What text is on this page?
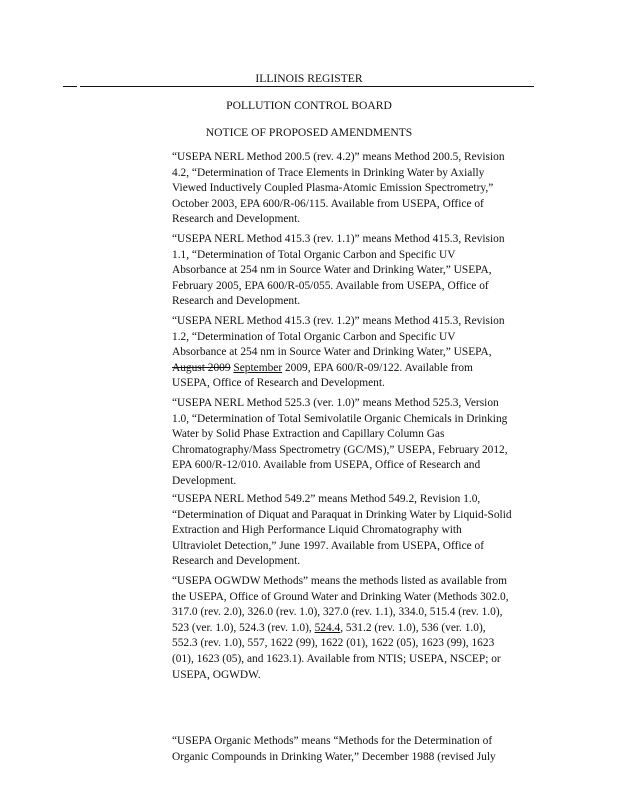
ILLINOIS REGISTER
POLLUTION CONTROL BOARD
NOTICE OF PROPOSED AMENDMENTS

“USEPA NERL Method 200.5 (rev. 4.2)” means Method 200.5, Revision
4.2, “Determination of Trace Elements in Drinking Water by Axially
Viewed Inductively Coupled Plasma-Atomic Emission Spectrometry,”
October 2003, EPA 600/R-06/115. Available from USEPA, Office of
Research and Development.

“USEPA NERL Method 415.3 (rev. 1.1)” means Method 415.3, Revision
1.1, “Determination of Total Organic Carbon and Specific UV
Absorbance at 254 nm in Source Water and Drinking Water,” USEPA,
February 2005, EPA 600/R-05/055. Available from USEPA, Office of
Research and Development.

“USEPA NERL Method 415.3 (rev. 1.2)” means Method 415.3, Revision
1.2, “Determination of Total Organic Carbon and Specific UV
Absorbance at 254 nm in Source Water and Drinking Water,” USEPA,
August 2009 September 2009, EPA 600/R-09/122. Available from
USEPA, Office of Research and Development.

“USEPA NERL Method 525.3 (ver. 1.0)” means Method 525.3, Version
1.0, “Determination of Total Semivolatile Organic Chemicals in Drinking
Water by Solid Phase Extraction and Capillary Column Gas
Chromatography/Mass Spectrometry (GC/MS),” USEPA, February 2012,
EPA 600/R-12/010. Available from USEPA, Office of Research and
Development.

“USEPA NERL Method 549.2” means Method 549.2, Revision 1.0,
“Determination of Diquat and Paraquat in Drinking Water by Liquid-Solid
Extraction and High Performance Liquid Chromatography with
Ultraviolet Detection,” June 1997. Available from USEPA, Office of
Research and Development.

“USEPA OGWDW Methods” means the methods listed as available from
the USEPA, Office of Ground Water and Drinking Water (Methods 302.0,
317.0 (rev. 2.0), 326.0 (rev. 1.0), 327.0 (rev. 1.1), 334.0, 515.4 (rev. 1.0),
523 (ver. 1.0), 524.3 (rev. 1.0), 524.4, 531.2 (rev. 1.0), 536 (ver. 1.0),
552.3 (rev. 1.0), 557, 1622 (99), 1622 (01), 1622 (05), 1623 (99), 1623
(01), 1623 (05), and 1623.1). Available from NTIS; USEPA, NSCEP; or
USEPA, OGWDW.

“USEPA Organic Methods” means “Methods for the Determination of
Organic Compounds in Drinking Water,” December 1988 (revised July
